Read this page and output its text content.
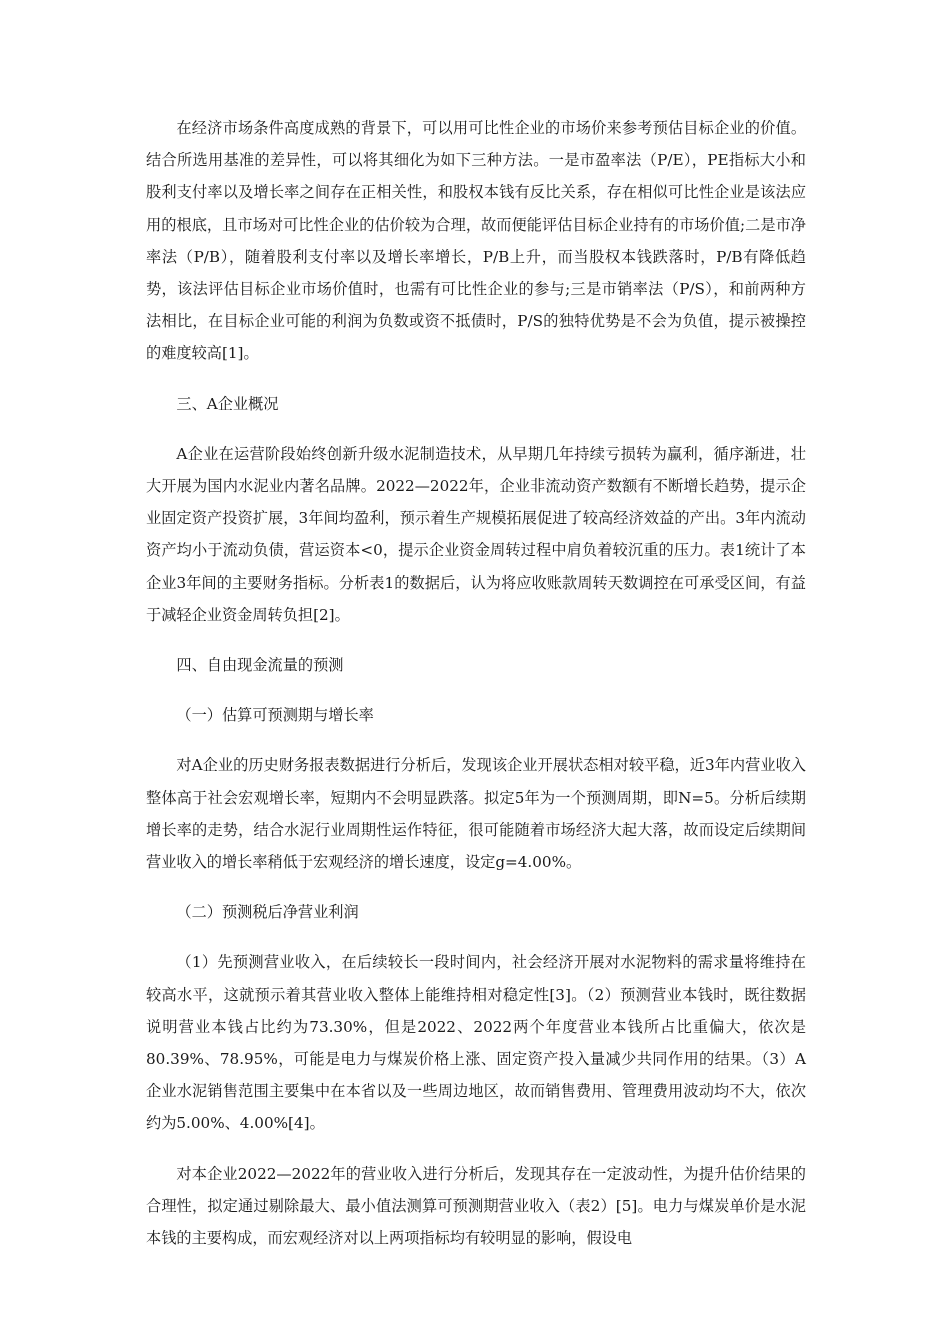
在经济市场条件高度成熟的背景下，可以用可比性企业的市场价来参考预估目标企业的价值。结合所选用基准的差异性，可以将其细化为如下三种方法。一是市盈率法（P/E），PE指标大小和股利支付率以及增长率之间存在正相关性，和股权本钱有反比关系，存在相似可比性企业是该法应用的根底，且市场对可比性企业的估价较为合理，故而便能评估目标企业持有的市场价值;二是市净率法（P/B），随着股利支付率以及增长率增长，P/B上升，而当股权本钱跌落时，P/B有降低趋势，该法评估目标企业市场价值时，也需有可比性企业的参与;三是市销率法（P/S），和前两种方法相比，在目标企业可能的利润为负数或资不抵债时，P/S的独特优势是不会为负值，提示被操控的难度较高[1]。

三、A企业概况

A企业在运营阶段始终创新升级水泥制造技术，从早期几年持续亏损转为赢利，循序渐进，壮大开展为国内水泥业内著名品牌。2022—2022年，企业非流动资产数额有不断增长趋势，提示企业固定资产投资扩展，3年间均盈利，预示着生产规模拓展促进了较高经济效益的产出。3年内流动资产均小于流动负债，营运资本<0，提示企业资金周转过程中肩负着较沉重的压力。表1统计了本企业3年间的主要财务指标。分析表1的数据后，认为将应收账款周转天数调控在可承受区间，有益于减轻企业资金周转负担[2]。

四、自由现金流量的预测

（一）估算可预测期与增长率

对A企业的历史财务报表数据进行分析后，发现该企业开展状态相对较平稳，近3年内营业收入整体高于社会宏观增长率，短期内不会明显跌落。拟定5年为一个预测周期，即N=5。分析后续期增长率的走势，结合水泥行业周期性运作特征，很可能随着市场经济大起大落，故而设定后续期间营业收入的增长率稍低于宏观经济的增长速度，设定g=4.00%。

（二）预测税后净营业利润

（1）先预测营业收入，在后续较长一段时间内，社会经济开展对水泥物料的需求量将维持在较高水平，这就预示着其营业收入整体上能维持相对稳定性[3]。（2）预测营业本钱时，既往数据说明营业本钱占比约为73.30%，但是2022、2022两个年度营业本钱所占比重偏大，依次是80.39%、78.95%，可能是电力与煤炭价格上涨、固定资产投入量减少共同作用的结果。（3）A企业水泥销售范围主要集中在本省以及一些周边地区，故而销售费用、管理费用波动均不大，依次约为5.00%、4.00%[4]。

对本企业2022—2022年的营业收入进行分析后，发现其存在一定波动性，为提升估价结果的合理性，拟定通过剔除最大、最小值法测算可预测期营业收入（表2）[5]。电力与煤炭单价是水泥本钱的主要构成，而宏观经济对以上两项指标均有较明显的影响，假设电
